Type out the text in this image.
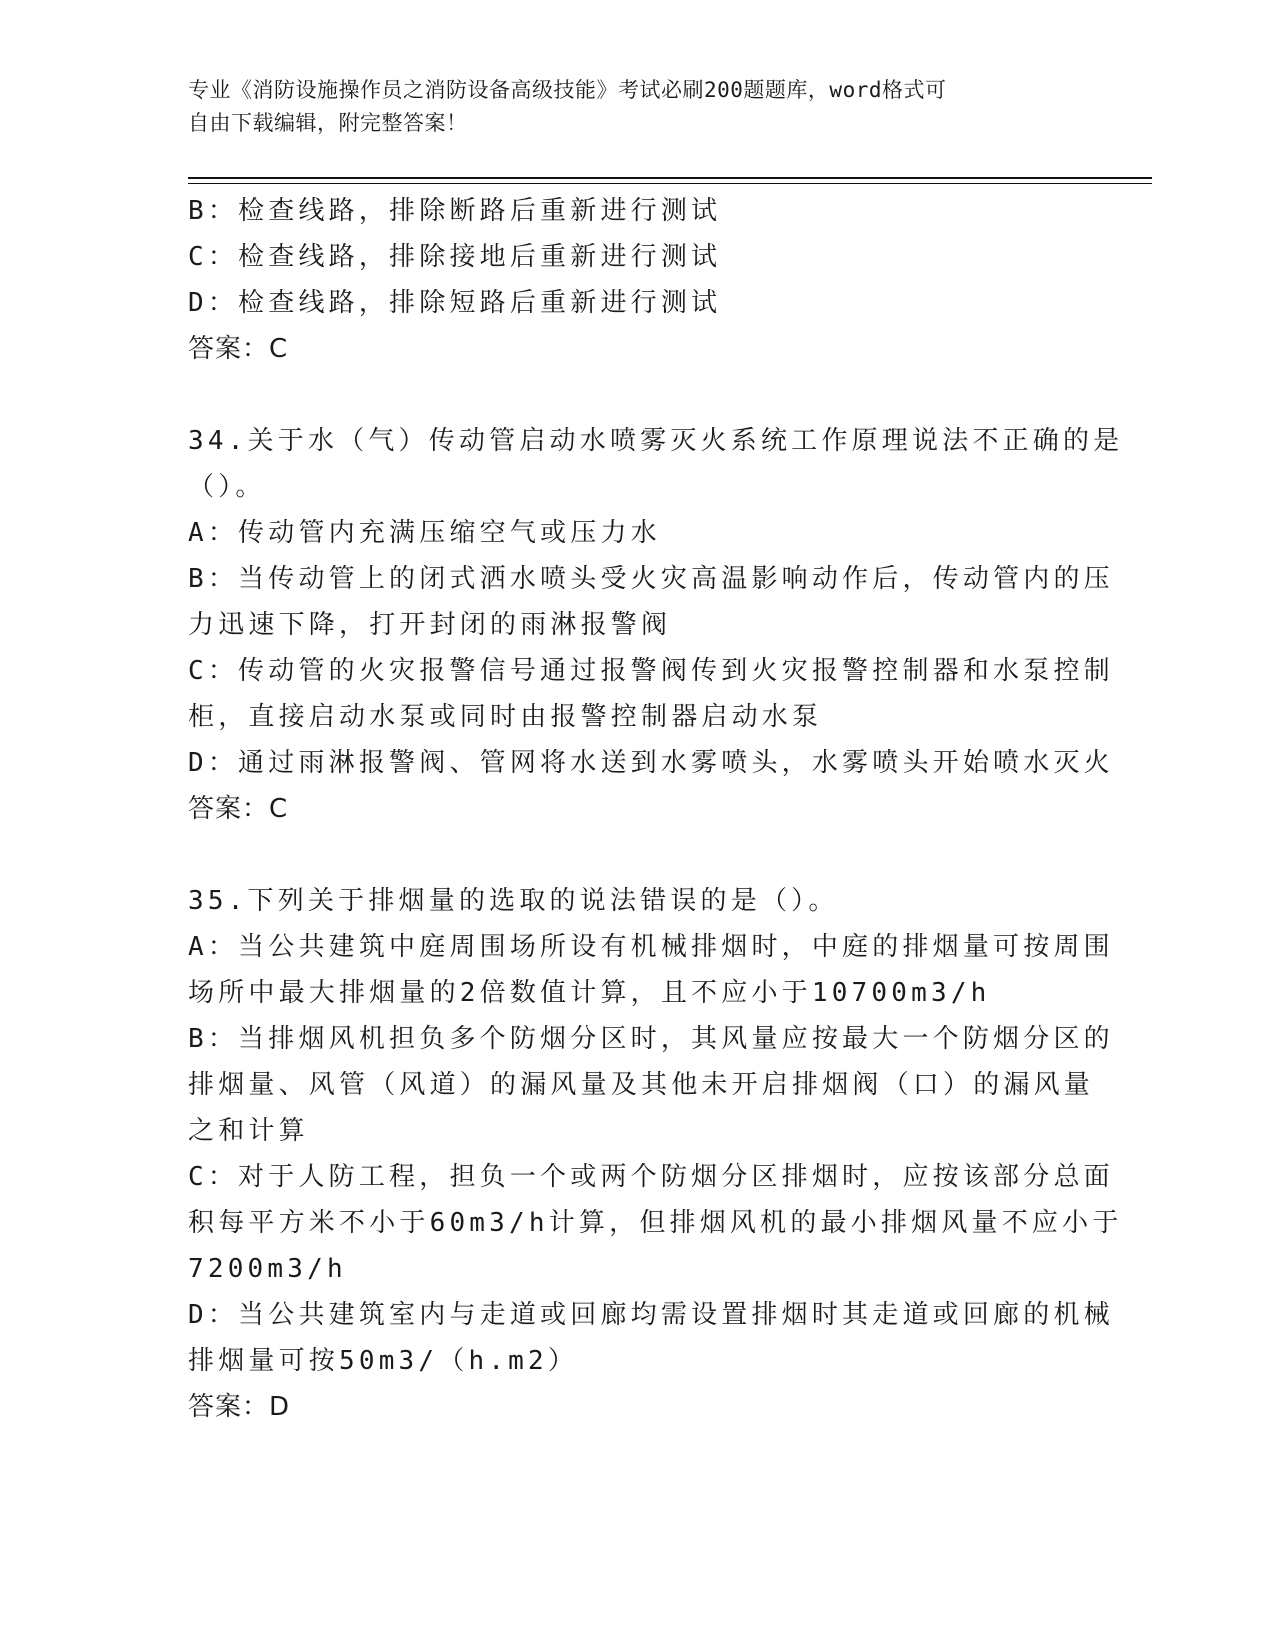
专业《消防设施操作员之消防设备高级技能》考试必刷200题题库，word格式可
自由下载编辑，附完整答案！
B：检查线路，排除断路后重新进行测试
C：检查线路，排除接地后重新进行测试
D：检查线路，排除短路后重新进行测试
答案：C
34.关于水（气）传动管启动水喷雾灭火系统工作原理说法不正确的是
（）。
A：传动管内充满压缩空气或压力水
B：当传动管上的闭式洒水喷头受火灾高温影响动作后，传动管内的压
力迅速下降，打开封闭的雨淋报警阀
C：传动管的火灾报警信号通过报警阀传到火灾报警控制器和水泵控制
柜，直接启动水泵或同时由报警控制器启动水泵
D：通过雨淋报警阀、管网将水送到水雾喷头，水雾喷头开始喷水灭火
答案：C
35.下列关于排烟量的选取的说法错误的是（）。
A：当公共建筑中庭周围场所设有机械排烟时，中庭的排烟量可按周围
场所中最大排烟量的2倍数值计算，且不应小于10700m3/h
B：当排烟风机担负多个防烟分区时，其风量应按最大一个防烟分区的
排烟量、风管（风道）的漏风量及其他未开启排烟阀（口）的漏风量
之和计算
C：对于人防工程，担负一个或两个防烟分区排烟时，应按该部分总面
积每平方米不小于60m3/h计算，但排烟风机的最小排烟风量不应小于
7200m3/h
D：当公共建筑室内与走道或回廊均需设置排烟时其走道或回廊的机械
排烟量可按50m3/（h.m2）
答案：D
